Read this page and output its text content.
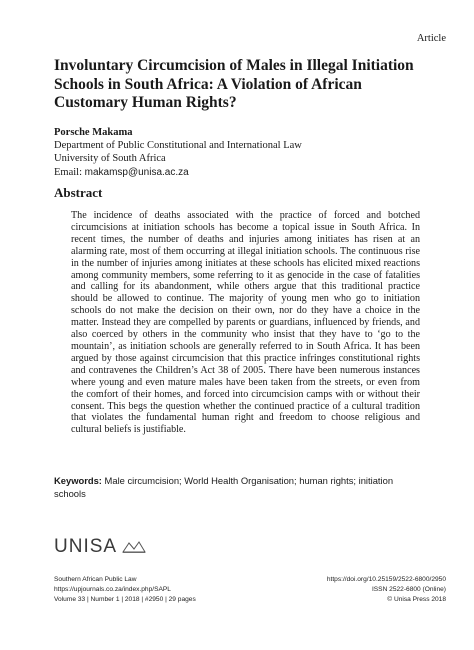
Article
Involuntary Circumcision of Males in Illegal Initiation Schools in South Africa: A Violation of African Customary Human Rights?
Porsche Makama
Department of Public Constitutional and International Law
University of South Africa
Email: makamsp@unisa.ac.za
Abstract

The incidence of deaths associated with the practice of forced and botched circumcisions at initiation schools has become a topical issue in South Africa. In recent times, the number of deaths and injuries among initiates has risen at an alarming rate, most of them occurring at illegal initiation schools. The continuous rise in the number of injuries among initiates at these schools has elicited mixed reactions among community members, some referring to it as genocide in the case of fatalities and calling for its abandonment, while others argue that this traditional practice should be allowed to continue. The majority of young men who go to initiation schools do not make the decision on their own, nor do they have a choice in the matter. Instead they are compelled by parents or guardians, influenced by friends, and also coerced by others in the community who insist that they have to ‘go to the mountain’, as initiation schools are generally referred to in South Africa. It has been argued by those against circumcision that this practice infringes constitutional rights and contravenes the Children’s Act 38 of 2005. There have been numerous instances where young and even mature males have been taken from the streets, or even from the comfort of their homes, and forced into circumcision camps with or without their consent. This begs the question whether the continued practice of a cultural tradition that violates the fundamental human right and freedom to choose religious and cultural beliefs is justifiable.

Keywords: Male circumcision; World Health Organisation; human rights; initiation schools
UNISA
Southern African Public Law
https://upjournals.co.za/index.php/SAPL
Volume 33 | Number 1 | 2018 | #2950 | 29 pages
https://doi.org/10.25159/2522-6800/2950
ISSN 2522-6800 (Online)
© Unisa Press 2018
